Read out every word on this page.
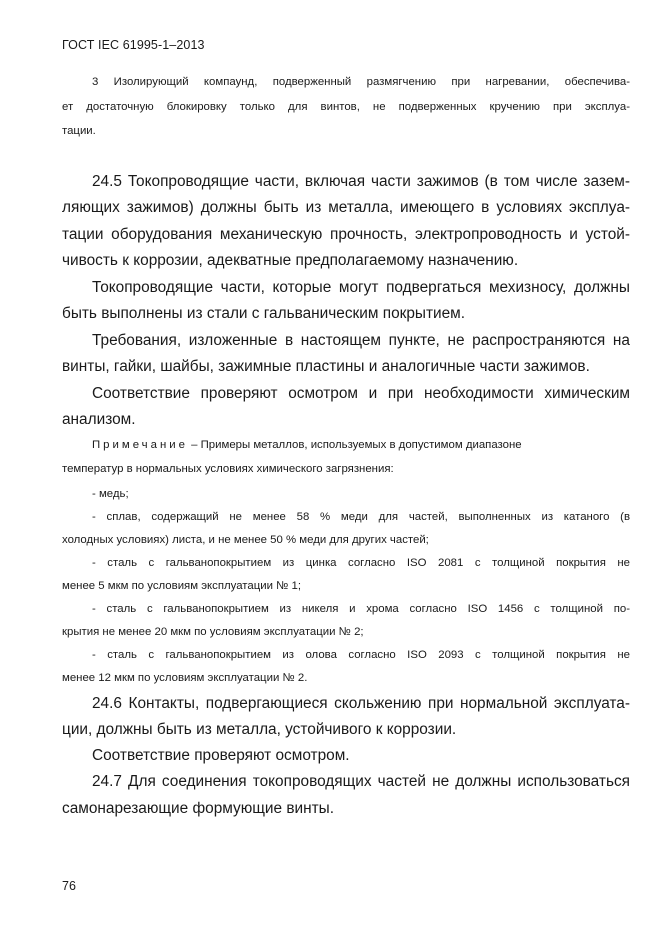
ГОСТ IEC 61995-1–2013
3 Изолирующий компаунд, подверженный размягчению при нагревании, обеспечива-
ет достаточную блокировку только для винтов, не подверженных кручению при эксплуа-
тации.
24.5 Токопроводящие части, включая части зажимов (в том числе зазем-
ляющих зажимов) должны быть из металла, имеющего в условиях эксплуа-
тации оборудования механическую прочность, электропроводность и устой-
чивость к коррозии, адекватные предполагаемому назначению.
Токопроводящие части, которые могут подвергаться мехизносу, должны
быть выполнены из стали с гальваническим покрытием.
Требования, изложенные в настоящем пункте, не распространяются на
винты, гайки, шайбы, зажимные пластины и аналогичные части зажимов.
Соответствие проверяют осмотром и при необходимости химическим
анализом.
Примечание – Примеры металлов, используемых в допустимом диапазоне
температур в нормальных условиях химического загрязнения:
- медь;
- сплав, содержащий не менее 58 % меди для частей, выполненных из катаного (в
холодных условиях) листа, и не менее 50 % меди для других частей;
- сталь с гальванопокрытием из цинка согласно ISO 2081 с толщиной покрытия не
менее 5 мкм по условиям эксплуатации № 1;
- сталь с гальванопокрытием из никеля и хрома согласно ISO 1456 с толщиной по-
крытия не менее 20 мкм по условиям эксплуатации № 2;
- сталь с гальванопокрытием из олова согласно ISO 2093 с толщиной покрытия не
менее 12 мкм по условиям эксплуатации № 2.
24.6 Контакты, подвергающиеся скольжению при нормальной эксплуата-
ции, должны быть из металла, устойчивого к коррозии.
Соответствие проверяют осмотром.
24.7 Для соединения токопроводящих частей не должны использоваться
самонарезающие формующие винты.
76
